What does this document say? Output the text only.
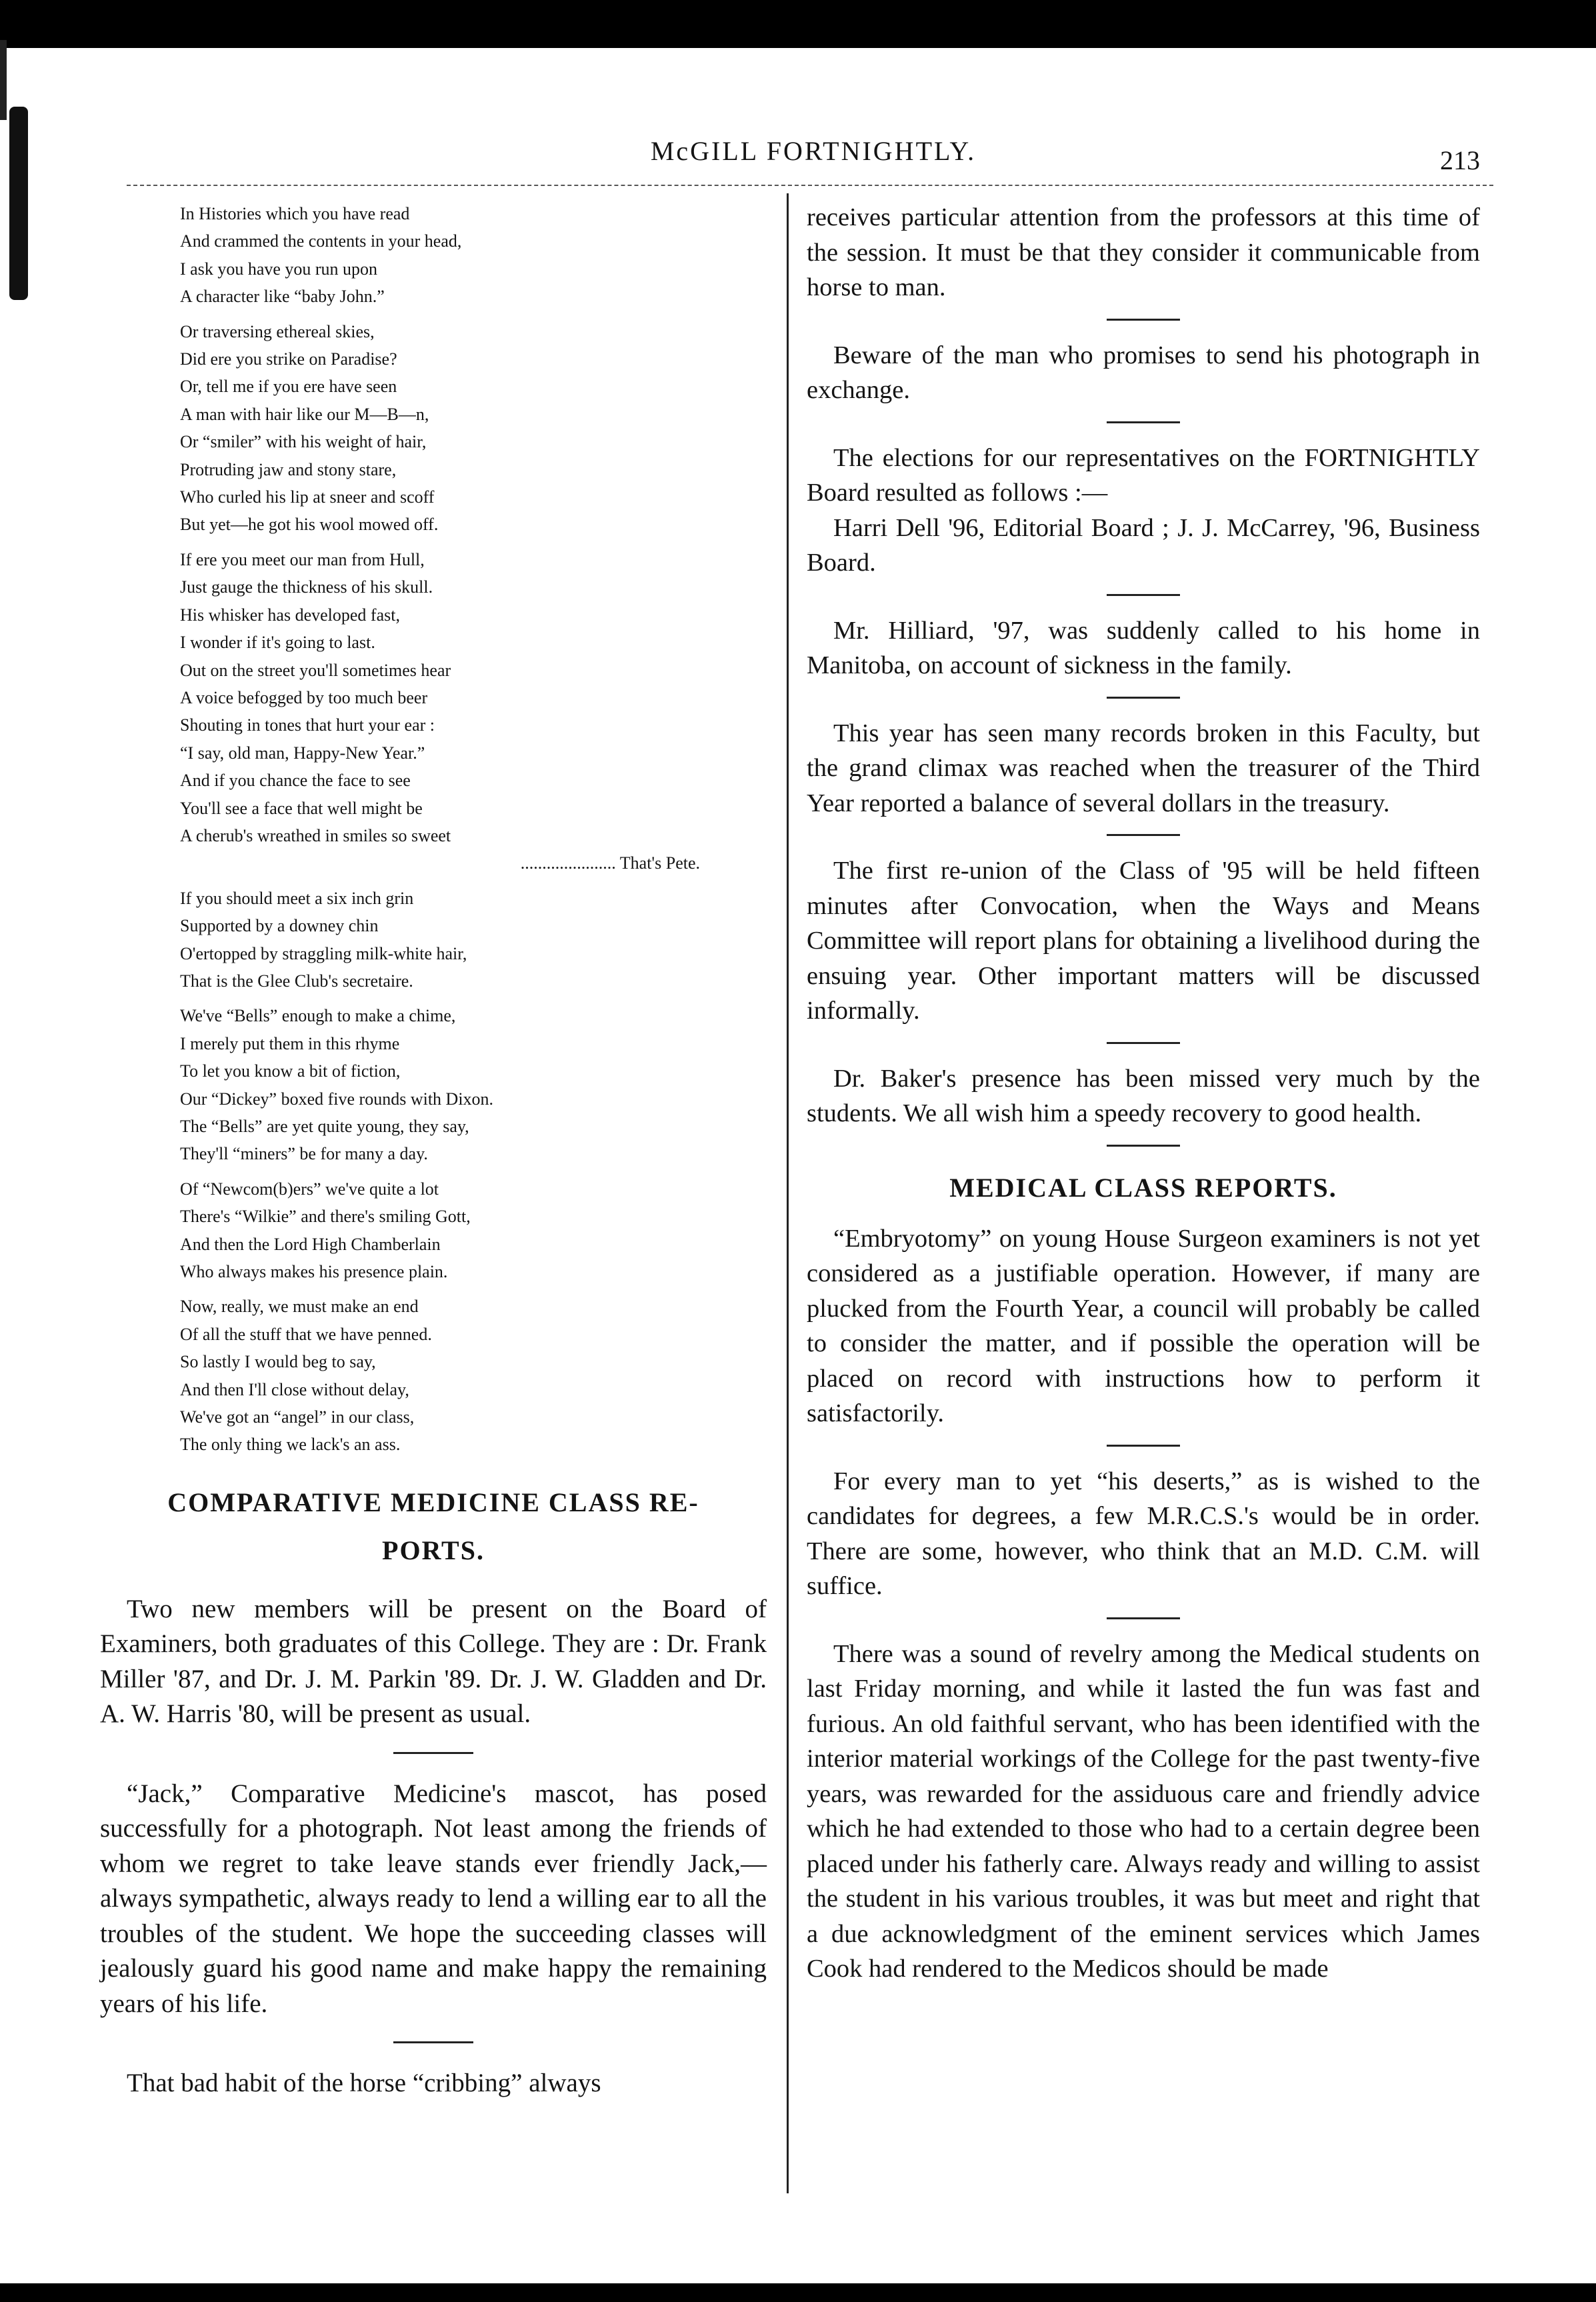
McGILL FORTNIGHTLY.	213
In Histories which you have read
And crammed the contents in your head,
I ask you have you run upon
A character like “baby John.”
Or traversing ethereal skies,
Did ere you strike on Paradise?
Or, tell me if you ere have seen
A man with hair like our M—B—n,
Or “smiler” with his weight of hair,
Protruding jaw and stony stare,
Who curled his lip at sneer and scoff
But yet—he got his wool mowed off.
If ere you meet our man from Hull,
Just gauge the thickness of his skull.
His whisker has developed fast,
I wonder if it's going to last.
Out on the street you'll sometimes hear
A voice befogged by too much beer
Shouting in tones that hurt your ear :
“I say, old man, Happy-New Year.”
And if you chance the face to see
You'll see a face that well might be
A cherub's wreathed in smiles so sweet
...................... That's Pete.
If you should meet a six inch grin
Supported by a downey chin
O'ertopped by straggling milk-white hair,
That is the Glee Club's secretaire.
We've “Bells” enough to make a chime,
I merely put them in this rhyme
To let you know a bit of fiction,
Our “Dickey” boxed five rounds with Dixon.
The “Bells” are yet quite young, they say,
They'll “miners” be for many a day.
Of “Newcom(b)ers” we've quite a lot
There's “Wilkie” and there's smiling Gott,
And then the Lord High Chamberlain
Who always makes his presence plain.
Now, really, we must make an end
Of all the stuff that we have penned.
So lastly I would beg to say,
And then I'll close without delay,
We've got an “angel” in our class,
The only thing we lack's an ass.
COMPARATIVE MEDICINE CLASS RE-
PORTS.

Two new members will be present on the Board of Examiners, both graduates of this College. They are : Dr. Frank Miller '87, and Dr. J. M. Parkin '89. Dr. J. W. Gladden and Dr. A. W. Harris '80, will be present as usual.

“Jack,” Comparative Medicine's mascot, has posed successfully for a photograph. Not least among the friends of whom we regret to take leave stands ever friendly Jack,—always sympathetic, always ready to lend a willing ear to all the troubles of the student. We hope the succeeding classes will jealously guard his good name and make happy the remaining years of his life.

That bad habit of the horse “cribbing” always

receives particular attention from the professors at this time of the session. It must be that they consider it communicable from horse to man.

Beware of the man who promises to send his photograph in exchange.

The elections for our representatives on the FORTNIGHTLY Board resulted as follows :—

Harri Dell '96, Editorial Board ; J. J. McCarrey, '96, Business Board.

Mr. Hilliard, '97, was suddenly called to his home in Manitoba, on account of sickness in the family.

This year has seen many records broken in this Faculty, but the grand climax was reached when the treasurer of the Third Year reported a balance of several dollars in the treasury.

The first re-union of the Class of '95 will be held fifteen minutes after Convocation, when the Ways and Means Committee will report plans for obtaining a livelihood during the ensuing year. Other important matters will be discussed informally.

Dr. Baker's presence has been missed very much by the students. We all wish him a speedy recovery to good health.

MEDICAL CLASS REPORTS.

“Embryotomy” on young House Surgeon examiners is not yet considered as a justifiable operation. However, if many are plucked from the Fourth Year, a council will probably be called to consider the matter, and if possible the operation will be placed on record with instructions how to perform it satisfactorily.

For every man to yet “his deserts,” as is wished to the candidates for degrees, a few M.R.C.S.'s would be in order. There are some, however, who think that an M.D. C.M. will suffice.

There was a sound of revelry among the Medical students on last Friday morning, and while it lasted the fun was fast and furious. An old faithful servant, who has been identified with the interior material workings of the College for the past twenty-five years, was rewarded for the assiduous care and friendly advice which he had extended to those who had to a certain degree been placed under his fatherly care. Always ready and willing to assist the student in his various troubles, it was but meet and right that a due acknowledgment of the eminent services which James Cook had rendered to the Medicos should be made
